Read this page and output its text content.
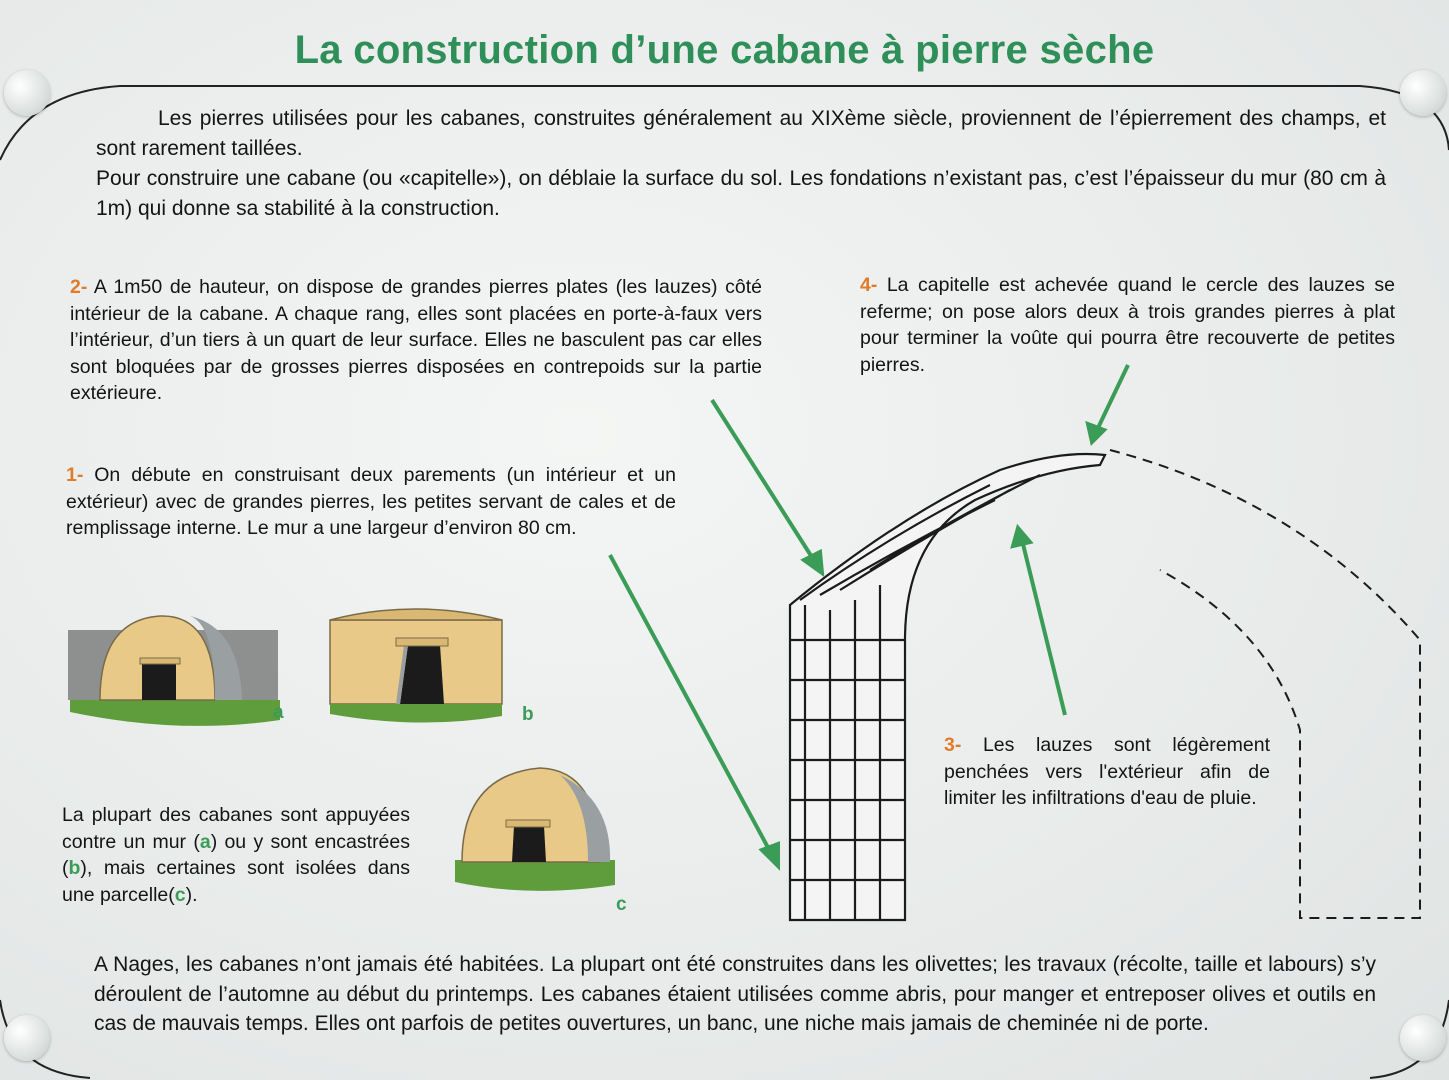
La construction d’une cabane à pierre sèche

Les pierres utilisées pour les cabanes, construites généralement au XIXème siècle, proviennent de l’épierrement des champs, et sont rarement taillées.

Pour construire une cabane (ou «capitelle»), on déblaie la surface du sol. Les fondations n’existant pas, c’est l’épaisseur du mur (80 cm à 1m) qui donne sa stabilité à la construction.

2- A 1m50 de hauteur, on dispose de grandes pierres plates (les lauzes) côté intérieur de la cabane. A chaque rang, elles sont placées en porte-à-faux vers l’intérieur, d’un tiers à un quart de leur surface. Elles ne basculent pas car elles sont bloquées par de grosses pierres disposées en contrepoids sur la partie extérieure.
4- La capitelle est achevée quand le cercle des lauzes se referme; on pose alors deux à trois grandes pierres à plat pour terminer la voûte qui pourra être recouverte de petites pierres.
1- On débute en construisant deux parements (un intérieur et un extérieur) avec de grandes pierres, les petites servant de cales et de remplissage interne. Le mur a une largeur d’environ 80 cm.
3- Les lauzes sont légèrement penchées vers l'extérieur afin de limiter les infiltrations d'eau de pluie.
La plupart des cabanes sont appuyées contre un mur (a) ou y sont encastrées (b), mais certaines sont isolées dans une parcelle(c).
a	b
c
A Nages, les cabanes n’ont jamais été habitées. La plupart ont été construites dans les olivettes; les travaux (récolte, taille et labours) s’y déroulent de l’automne au début du printemps. Les cabanes étaient utilisées comme abris, pour manger et entreposer olives et outils en cas de mauvais temps. Elles ont parfois de petites ouvertures, un banc, une niche mais jamais de cheminée ni de porte.
